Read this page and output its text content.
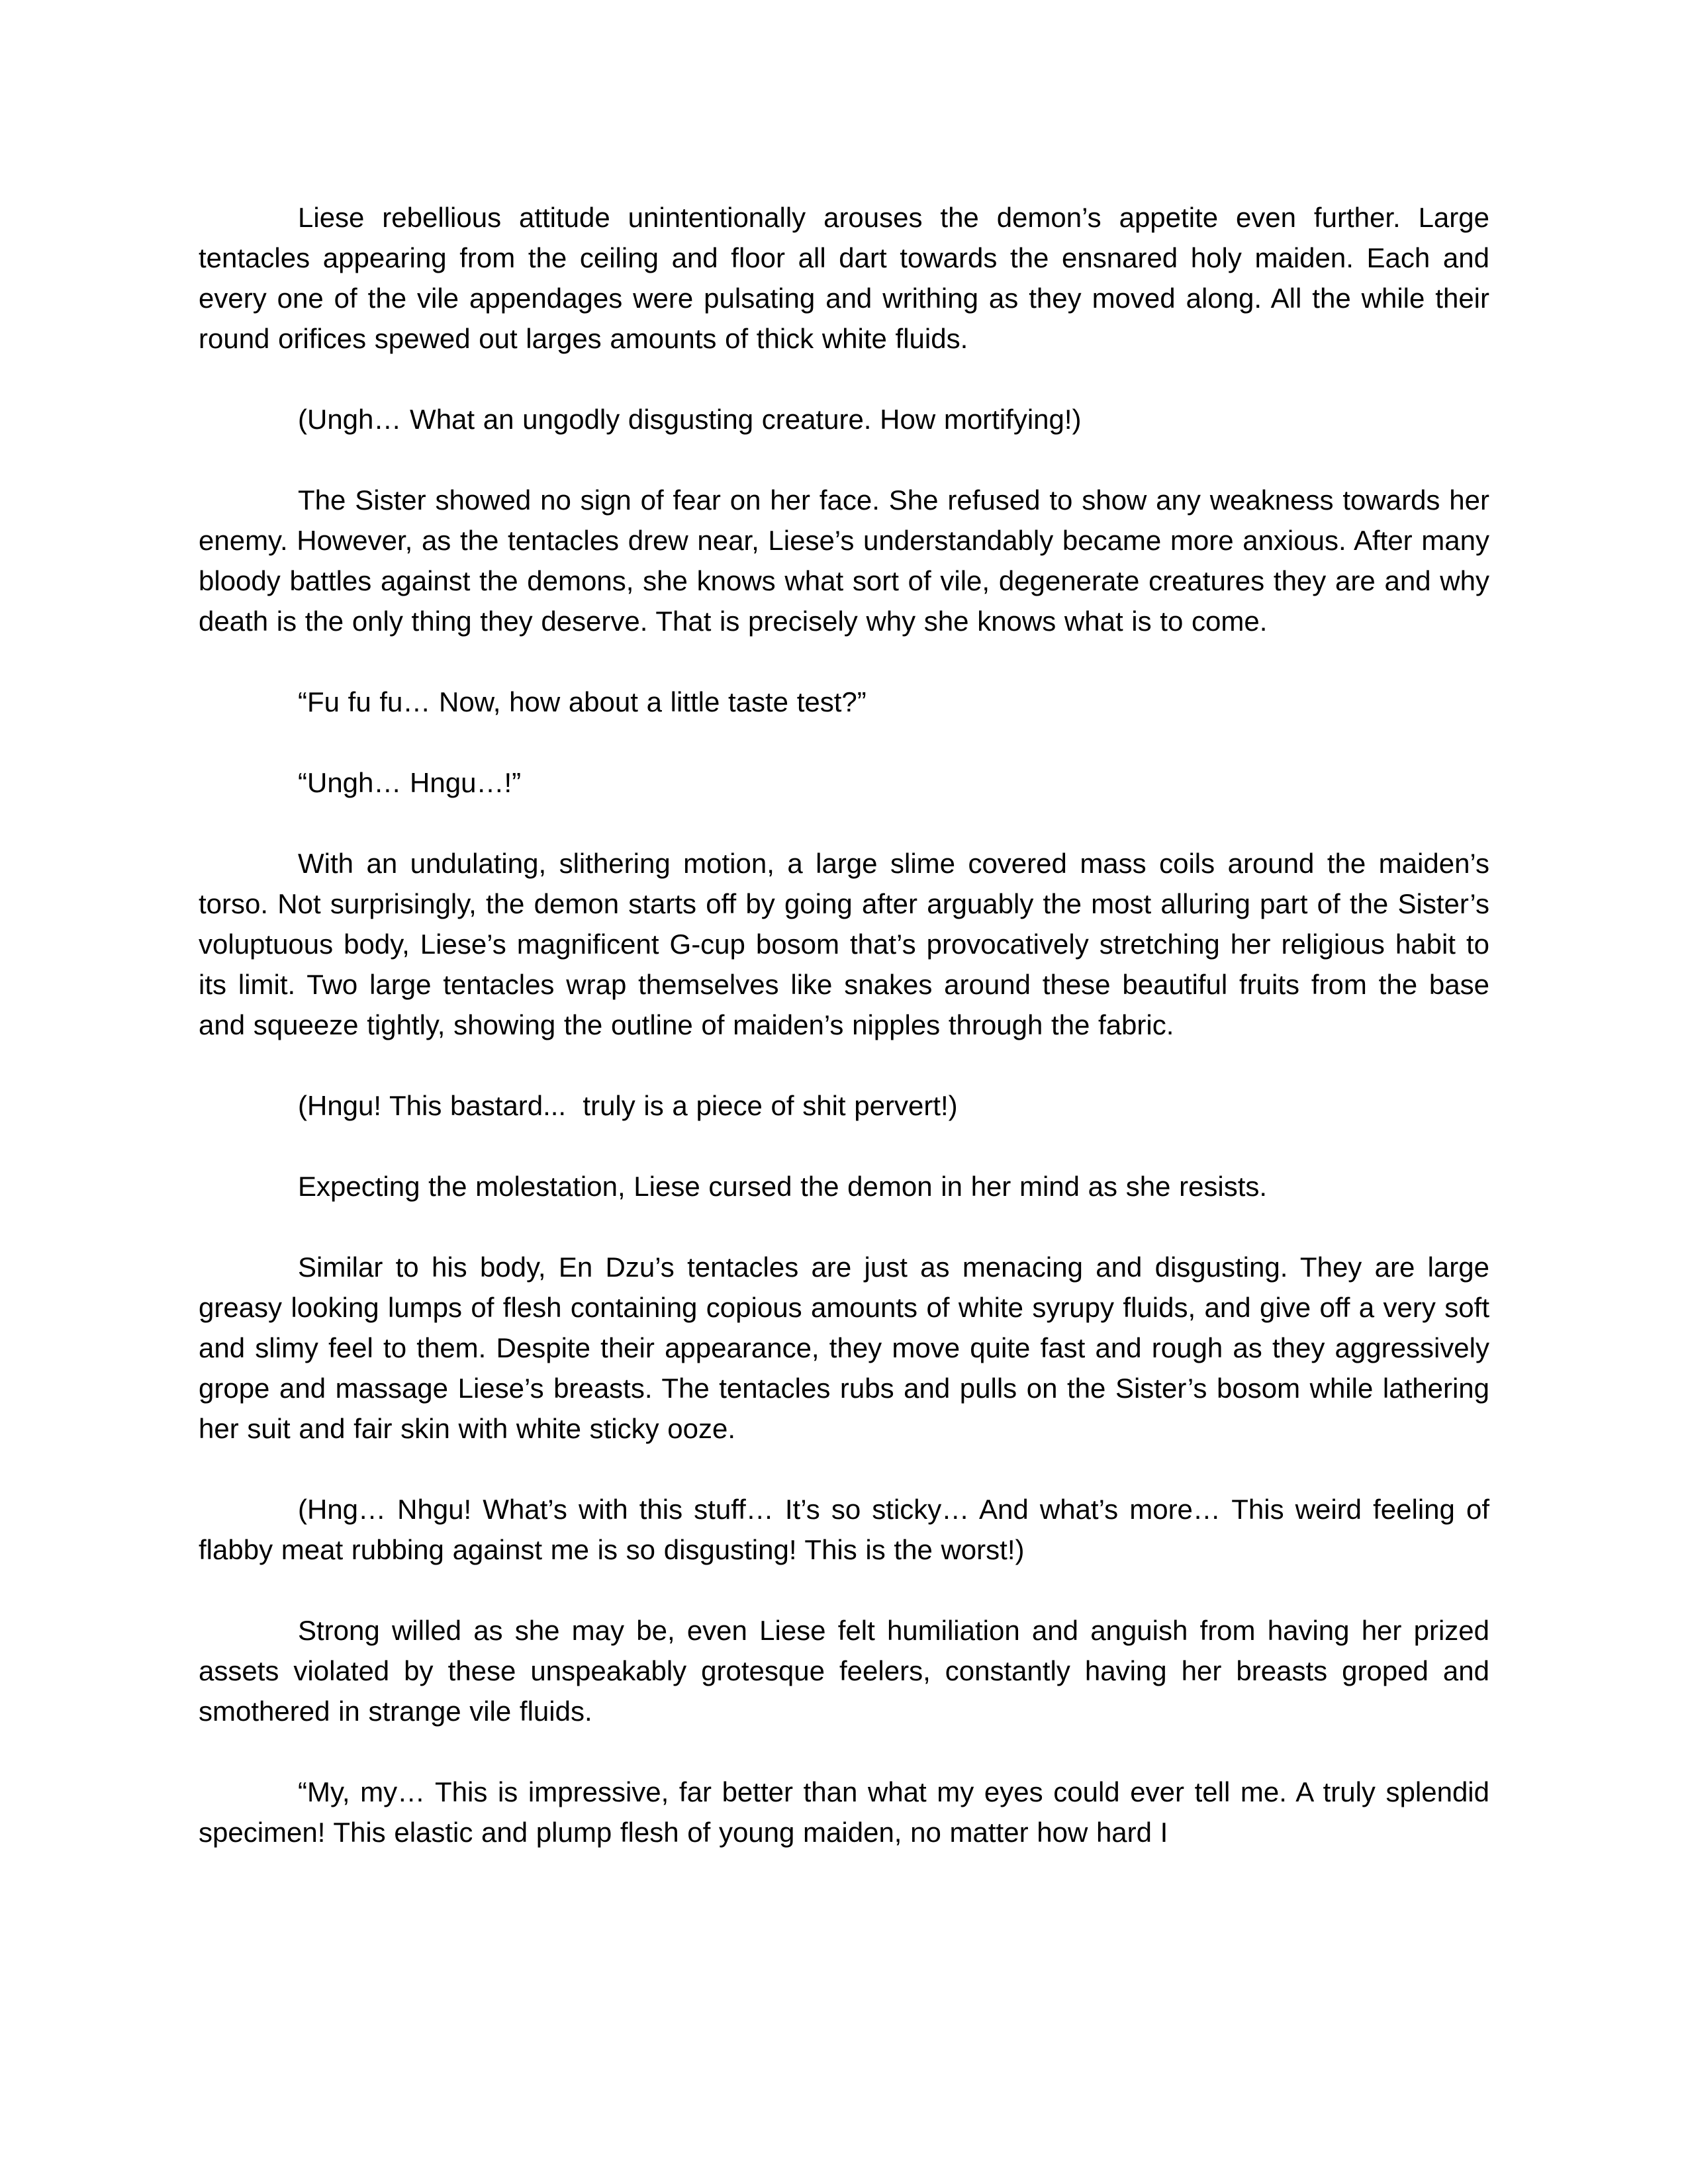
Liese rebellious attitude unintentionally arouses the demon’s appetite even further. Large tentacles appearing from the ceiling and floor all dart towards the ensnared holy maiden. Each and every one of the vile appendages were pulsating and writhing as they moved along. All the while their round orifices spewed out larges amounts of thick white fluids.

(Ungh… What an ungodly disgusting creature. How mortifying!)

The Sister showed no sign of fear on her face. She refused to show any weakness towards her enemy. However, as the tentacles drew near, Liese’s understandably became more anxious. After many bloody battles against the demons, she knows what sort of vile, degenerate creatures they are and why death is the only thing they deserve. That is precisely why she knows what is to come.

“Fu fu fu… Now, how about a little taste test?”

“Ungh… Hngu…!”

With an undulating, slithering motion, a large slime covered mass coils around the maiden’s torso. Not surprisingly, the demon starts off by going after arguably the most alluring part of the Sister’s voluptuous body, Liese’s magnificent G-cup bosom that’s provocatively stretching her religious habit to its limit. Two large tentacles wrap themselves like snakes around these beautiful fruits from the base and squeeze tightly, showing the outline of maiden’s nipples through the fabric.

(Hngu! This bastard...  truly is a piece of shit pervert!)

Expecting the molestation, Liese cursed the demon in her mind as she resists.

Similar to his body, En Dzu’s tentacles are just as menacing and disgusting. They are large greasy looking lumps of flesh containing copious amounts of white syrupy fluids, and give off a very soft and slimy feel to them. Despite their appearance, they move quite fast and rough as they aggressively grope and massage Liese’s breasts. The tentacles rubs and pulls on the Sister’s bosom while lathering her suit and fair skin with white sticky ooze.

(Hng… Nhgu! What’s with this stuff… It’s so sticky… And what’s more… This weird feeling of flabby meat rubbing against me is so disgusting! This is the worst!)

Strong willed as she may be, even Liese felt humiliation and anguish from having her prized assets violated by these unspeakably grotesque feelers, constantly having her breasts groped and smothered in strange vile fluids.

“My, my… This is impressive, far better than what my eyes could ever tell me. A truly splendid specimen! This elastic and plump flesh of young maiden, no matter how hard I
